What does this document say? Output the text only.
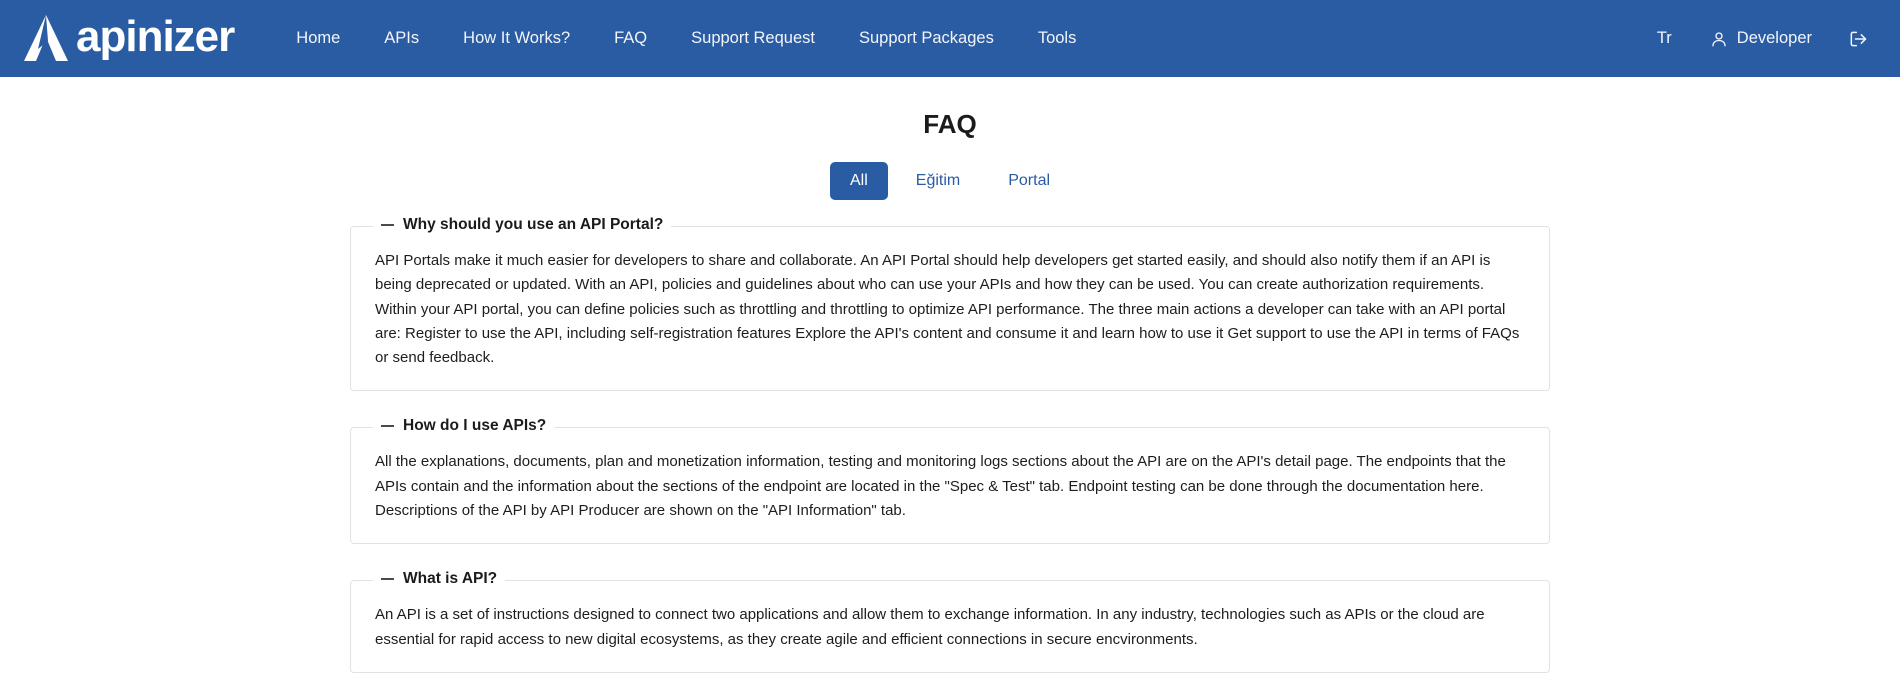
apinizer	Home	APIs	How It Works?	FAQ	Support Request	Support Packages	Tools	Tr	Developer
FAQ
All	Eğitim	Portal
Why should you use an API Portal?

API Portals make it much easier for developers to share and collaborate. An API Portal should help developers get started easily, and should also notify them if an API is being deprecated or updated. With an API, policies and guidelines about who can use your APIs and how they can be used. You can create authorization requirements. Within your API portal, you can define policies such as throttling and throttling to optimize API performance. The three main actions a developer can take with an API portal are: Register to use the API, including self-registration features Explore the API's content and consume it and learn how to use it Get support to use the API in terms of FAQs or send feedback.

How do I use APIs?

All the explanations, documents, plan and monetization information, testing and monitoring logs sections about the API are on the API's detail page. The endpoints that the APIs contain and the information about the sections of the endpoint are located in the "Spec & Test" tab. Endpoint testing can be done through the documentation here. Descriptions of the API by API Producer are shown on the "API Information" tab.

What is API?

An API is a set of instructions designed to connect two applications and allow them to exchange information. In any industry, technologies such as APIs or the cloud are essential for rapid access to new digital ecosystems, as they create agile and efficient connections in secure encvironments.
